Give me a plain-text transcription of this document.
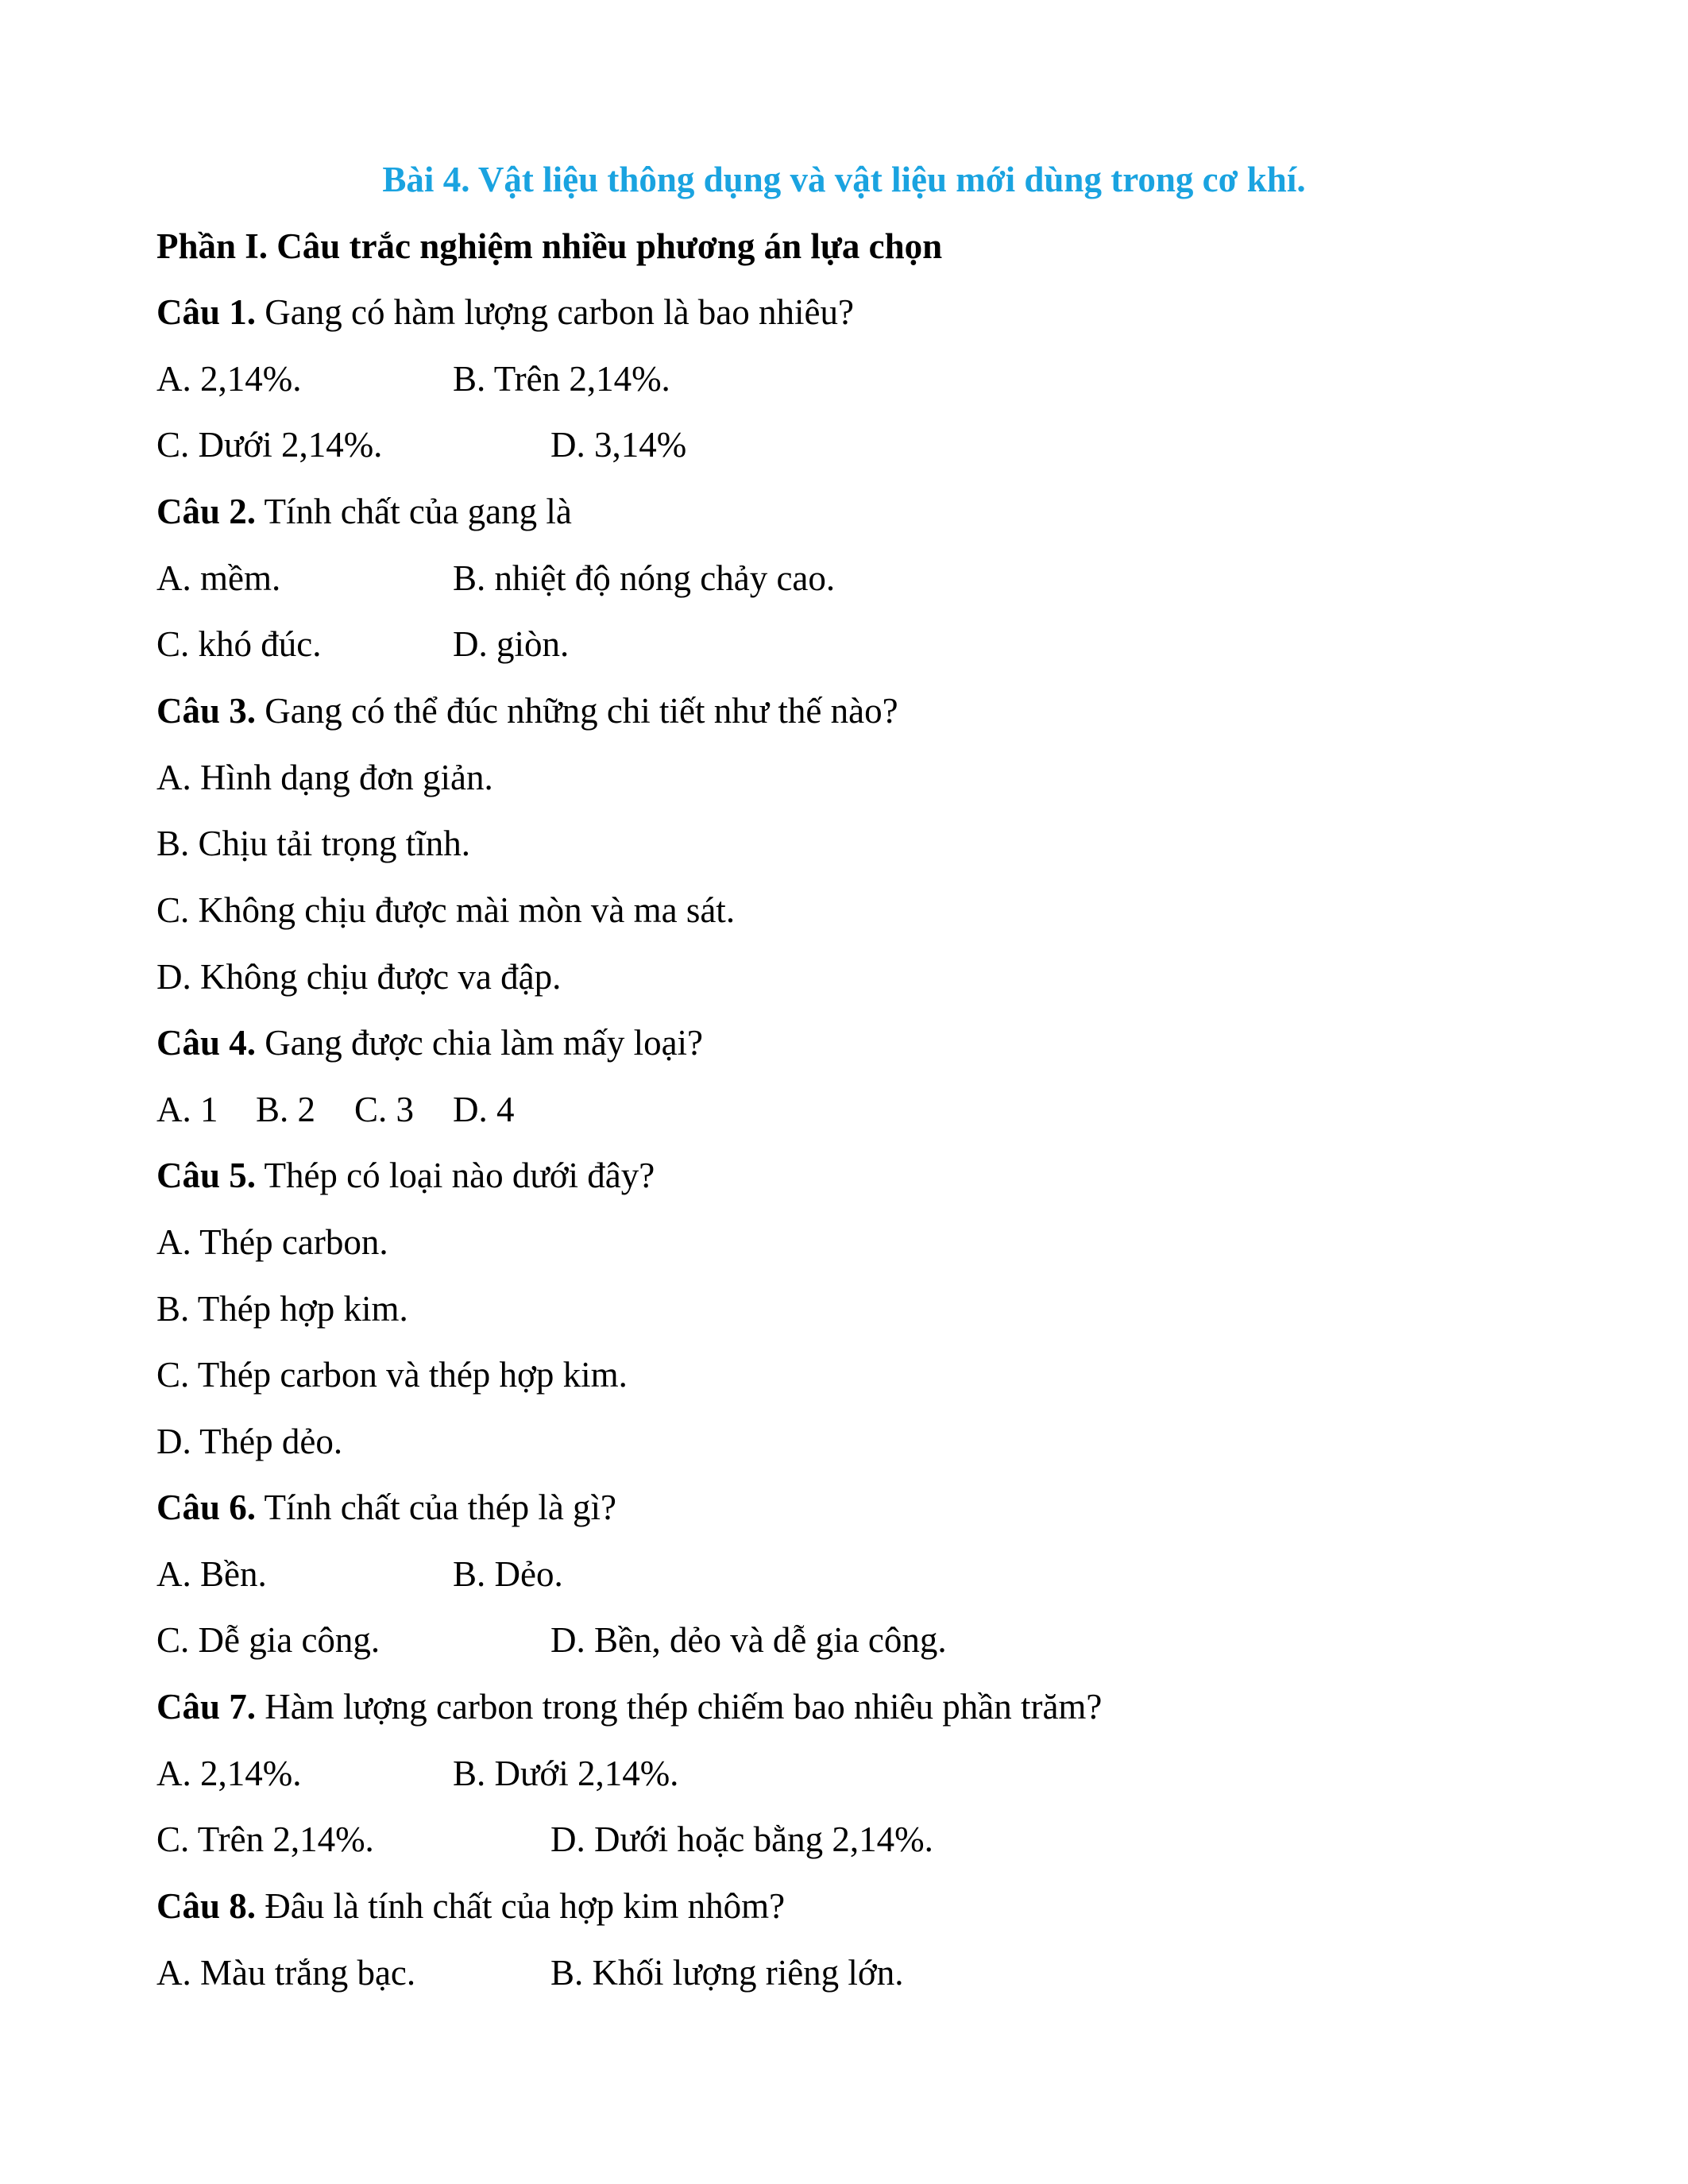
Bài 4. Vật liệu thông dụng và vật liệu mới dùng trong cơ khí.
Phần I. Câu trắc nghiệm nhiều phương án lựa chọn
Câu 1. Gang có hàm lượng carbon là bao nhiêu?
A. 2,14%.	B. Trên 2,14%.
C. Dưới 2,14%.	D. 3,14%
Câu 2. Tính chất của gang là
A. mềm.	B. nhiệt độ nóng chảy cao.
C. khó đúc.	D. giòn.
Câu 3. Gang có thể đúc những chi tiết như thế nào?
A. Hình dạng đơn giản.
B. Chịu tải trọng tĩnh.
C. Không chịu được mài mòn và ma sát.
D. Không chịu được va đập.
Câu 4. Gang được chia làm mấy loại?
A. 1 B. 2 C. 3 D. 4
Câu 5. Thép có loại nào dưới đây?
A. Thép carbon.
B. Thép hợp kim.
C. Thép carbon và thép hợp kim.
D. Thép dẻo.
Câu 6. Tính chất của thép là gì?
A. Bền.	B. Dẻo.
C. Dễ gia công.	D. Bền, dẻo và dễ gia công.
Câu 7. Hàm lượng carbon trong thép chiếm bao nhiêu phần trăm?
A. 2,14%.	B. Dưới 2,14%.
C. Trên 2,14%.	D. Dưới hoặc bằng 2,14%.
Câu 8. Đâu là tính chất của hợp kim nhôm?
A. Màu trắng bạc.	B. Khối lượng riêng lớn.
